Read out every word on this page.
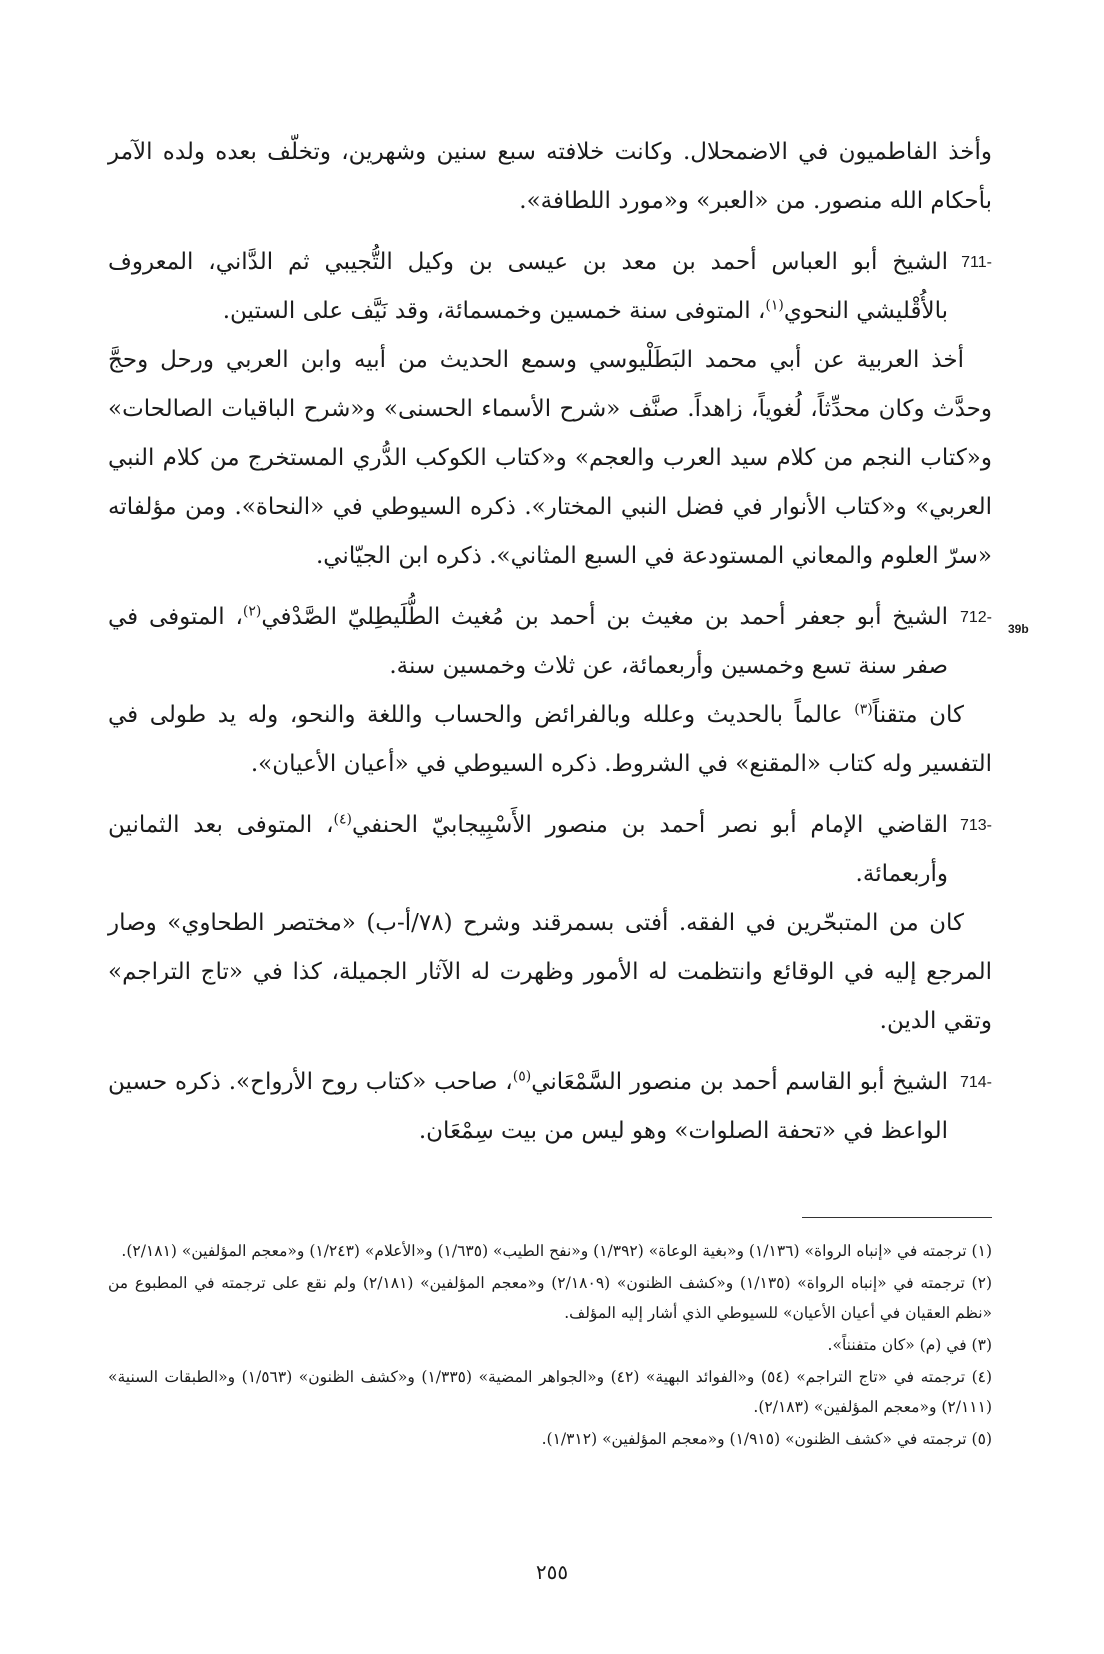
وأخذ الفاطميون في الاضمحلال. وكانت خلافته سبع سنين وشهرين، وتخلّف بعده ولده الآمر بأحكام الله منصور. من «العبر» و«مورد اللطافة».

711-
الشيخ أبو العباس أحمد بن معد بن عيسى بن وكيل التُّجيبي ثم الدَّاني، المعروف بالأُقْليشي النحوي$^{(١)}$، المتوفى سنة خمسين وخمسمائة، وقد نَيَّف على الستين.

أخذ العربية عن أبي محمد البَطَلْيوسي وسمع الحديث من أبيه وابن العربي ورحل وحجَّ وحدَّث وكان محدِّثاً، لُغوياً، زاهداً. صنَّف «شرح الأسماء الحسنى» و«شرح الباقيات الصالحات» و«كتاب النجم من كلام سيد العرب والعجم» و«كتاب الكوكب الدُّري المستخرج من كلام النبي العربي» و«كتاب الأنوار في فضل النبي المختار». ذكره السيوطي في «النحاة». ومن مؤلفاته «سرّ العلوم والمعاني المستودعة في السبع المثاني». ذكره ابن الجيّاني.

712-
الشيخ أبو جعفر أحمد بن مغيث بن أحمد بن مُغيث الطُّلَيطِليّ الصَّدْفي$^{(٢)}$، المتوفى في صفر سنة تسع وخمسين وأربعمائة، عن ثلاث وخمسين سنة.

كان متقناً$^{(٣)}$ عالماً بالحديث وعلله وبالفرائض والحساب واللغة والنحو، وله يد طولى في التفسير وله كتاب «المقنع» في الشروط. ذكره السيوطي في «أعيان الأعيان».

713-
القاضي الإمام أبو نصر أحمد بن منصور الأَسْبِيجابيّ الحنفي$^{(٤)}$، المتوفى بعد الثمانين وأربعمائة.

كان من المتبحّرين في الفقه. أفتى بسمرقند وشرح (٧٨/أ-ب) «مختصر الطحاوي» وصار المرجع إليه في الوقائع وانتظمت له الأمور وظهرت له الآثار الجميلة، كذا في «تاج التراجم» وتقي الدين.

714-
الشيخ أبو القاسم أحمد بن منصور السَّمْعَاني$^{(٥)}$، صاحب «كتاب روح الأرواح». ذكره حسين الواعظ في «تحفة الصلوات» وهو ليس من بيت سِمْعَان.

39b

(١) ترجمته في «إنباه الرواة» (١/١٣٦) و«بغية الوعاة» (١/٣٩٢) و«نفح الطيب» (١/٦٣٥) و«الأعلام» (١/٢٤٣) و«معجم المؤلفين» (٢/١٨١).

(٢) ترجمته في «إنباه الرواة» (١/١٣٥) و«كشف الظنون» (٢/١٨٠٩) و«معجم المؤلفين» (٢/١٨١) ولم نقع على ترجمته في المطبوع من «نظم العقيان في أعيان الأعيان» للسيوطي الذي أشار إليه المؤلف.

(٣) في (م) «كان متفنناً».

(٤) ترجمته في «تاج التراجم» (٥٤) و«الفوائد البهية» (٤٢) و«الجواهر المضية» (١/٣٣٥) و«كشف الظنون» (١/٥٦٣) و«الطبقات السنية» (٢/١١١) و«معجم المؤلفين» (٢/١٨٣).

(٥) ترجمته في «كشف الظنون» (١/٩١٥) و«معجم المؤلفين» (١/٣١٢).

٢٥٥
